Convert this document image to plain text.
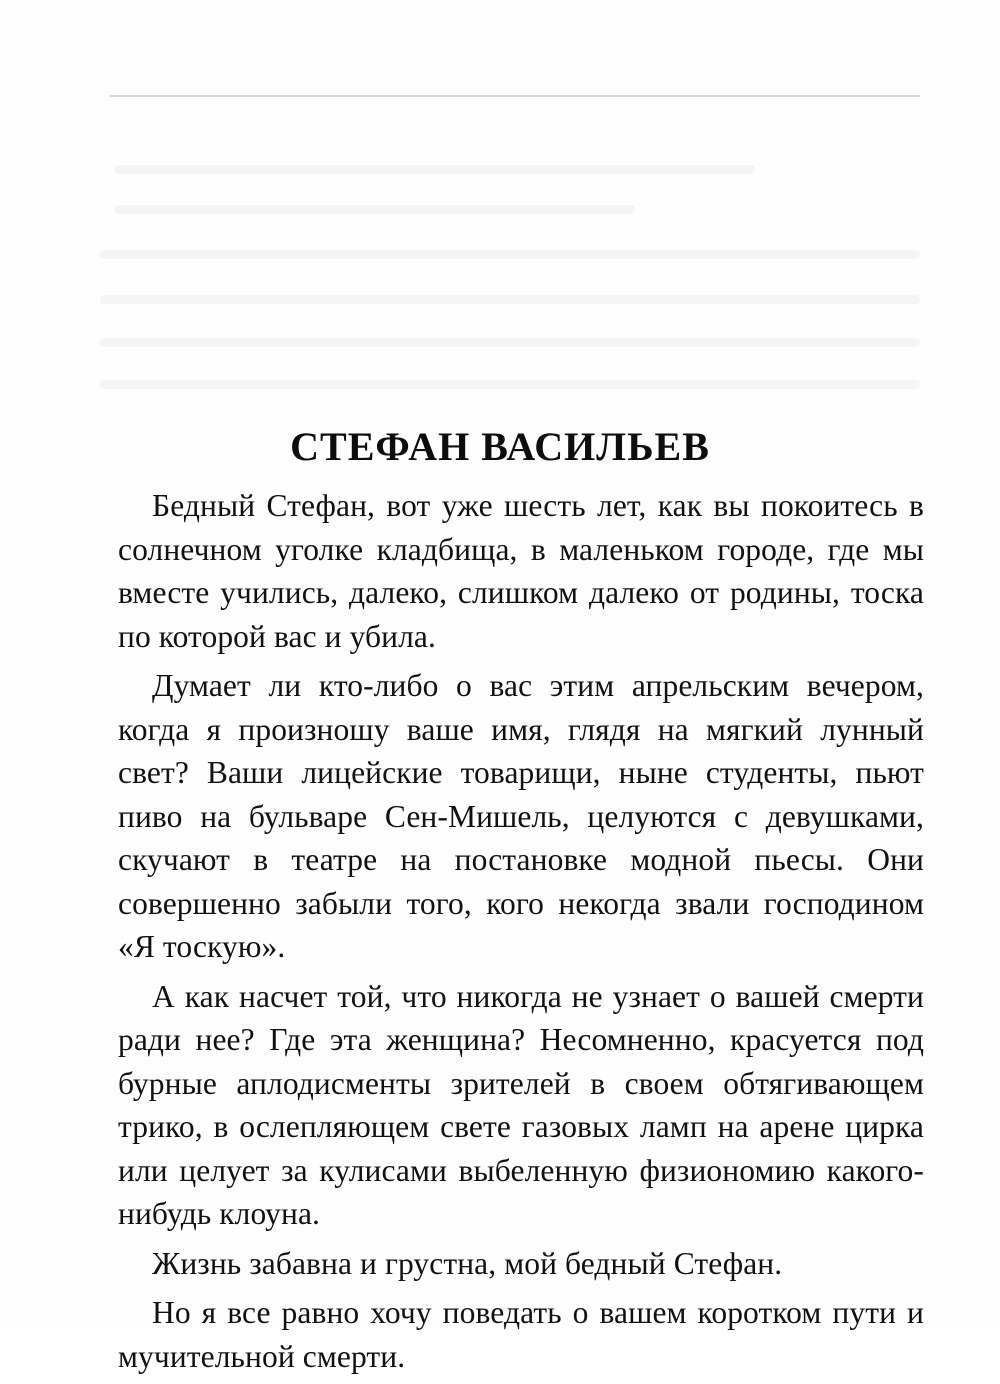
СТЕФАН ВАСИЛЬЕВ

Бедный Стефан, вот уже шесть лет, как вы покоитесь в солнечном уголке кладбища, в маленьком городе, где мы вместе учились, далеко, слишком далеко от родины, тоска по которой вас и убила.

Думает ли кто-либо о вас этим апрельским вечером, когда я произношу ваше имя, глядя на мягкий лунный свет? Ваши лицейские товарищи, ныне студенты, пьют пиво на бульваре Сен-Мишель, целуются с девушками, скучают в театре на постановке модной пьесы. Они совершенно забыли того, кого некогда звали господином «Я тоскую».

А как насчет той, что никогда не узнает о вашей смерти ради нее? Где эта женщина? Несомненно, красуется под бурные аплодисменты зрителей в своем обтягивающем трико, в ослепляющем свете газовых ламп на арене цирка или целует за кулисами выбеленную физиономию какого-нибудь клоуна.

Жизнь забавна и грустна, мой бедный Стефан.

Но я все равно хочу поведать о вашем коротком пути и мучительной смерти.
